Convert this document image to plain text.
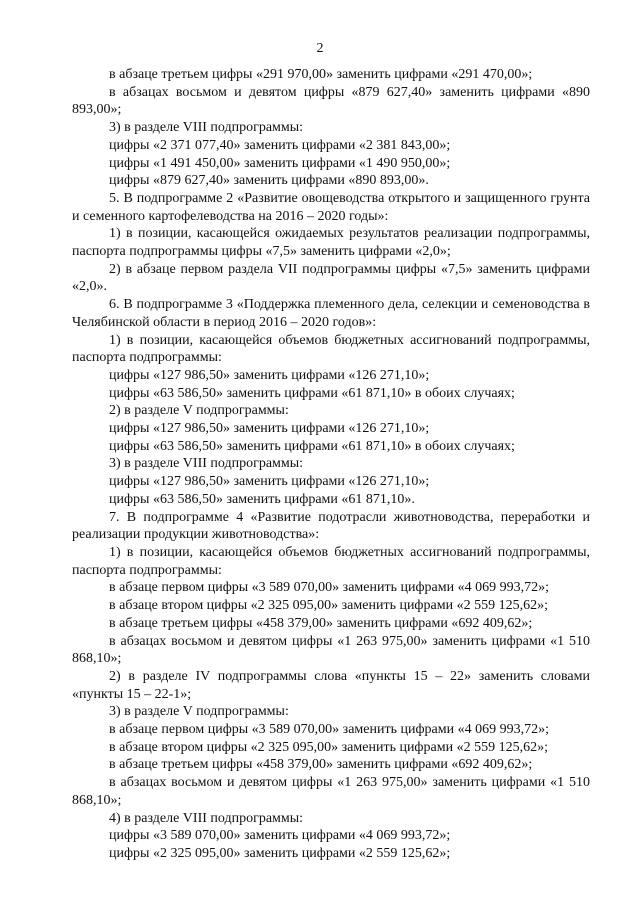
2

в абзаце третьем цифры «291 970,00» заменить цифрами «291 470,00»;

в абзацах восьмом и девятом цифры «879 627,40» заменить цифрами «890 893,00»;

3) в разделе VIII подпрограммы:

цифры «2 371 077,40» заменить цифрами «2 381 843,00»;

цифры «1 491 450,00» заменить цифрами «1 490 950,00»;

цифры «879 627,40» заменить цифрами «890 893,00».

5. В подпрограмме 2 «Развитие овощеводства открытого и защищенного грунта и семенного картофелеводства на 2016 – 2020 годы»:

1) в позиции, касающейся ожидаемых результатов реализации подпрограммы, паспорта подпрограммы цифры «7,5» заменить цифрами «2,0»;

2) в абзаце первом раздела VII подпрограммы цифры «7,5» заменить цифрами «2,0».

6. В подпрограмме 3 «Поддержка племенного дела, селекции и семеноводства в Челябинской области в период 2016 – 2020 годов»:

1) в позиции, касающейся объемов бюджетных ассигнований подпрограммы, паспорта подпрограммы:

цифры «127 986,50» заменить цифрами «126 271,10»;

цифры «63 586,50» заменить цифрами «61 871,10» в обоих случаях;

2) в разделе V подпрограммы:

цифры «127 986,50» заменить цифрами «126 271,10»;

цифры «63 586,50» заменить цифрами «61 871,10» в обоих случаях;

3) в разделе VIII подпрограммы:

цифры «127 986,50» заменить цифрами «126 271,10»;

цифры «63 586,50» заменить цифрами «61 871,10».

7. В подпрограмме 4 «Развитие подотрасли животноводства, переработки и реализации продукции животноводства»:

1) в позиции, касающейся объемов бюджетных ассигнований подпрограммы, паспорта подпрограммы:

в абзаце первом цифры «3 589 070,00» заменить цифрами «4 069 993,72»;

в абзаце втором цифры «2 325 095,00» заменить цифрами «2 559 125,62»;

в абзаце третьем цифры «458 379,00» заменить цифрами «692 409,62»;

в абзацах восьмом и девятом цифры «1 263 975,00» заменить цифрами «1 510 868,10»;

2) в разделе IV подпрограммы слова «пункты 15 – 22» заменить словами «пункты 15 – 22-1»;

3) в разделе V подпрограммы:

в абзаце первом цифры «3 589 070,00» заменить цифрами «4 069 993,72»;

в абзаце втором цифры «2 325 095,00» заменить цифрами «2 559 125,62»;

в абзаце третьем цифры «458 379,00» заменить цифрами «692 409,62»;

в абзацах восьмом и девятом цифры «1 263 975,00» заменить цифрами «1 510 868,10»;

4) в разделе VIII подпрограммы:

цифры «3 589 070,00» заменить цифрами «4 069 993,72»;

цифры «2 325 095,00» заменить цифрами «2 559 125,62»;
